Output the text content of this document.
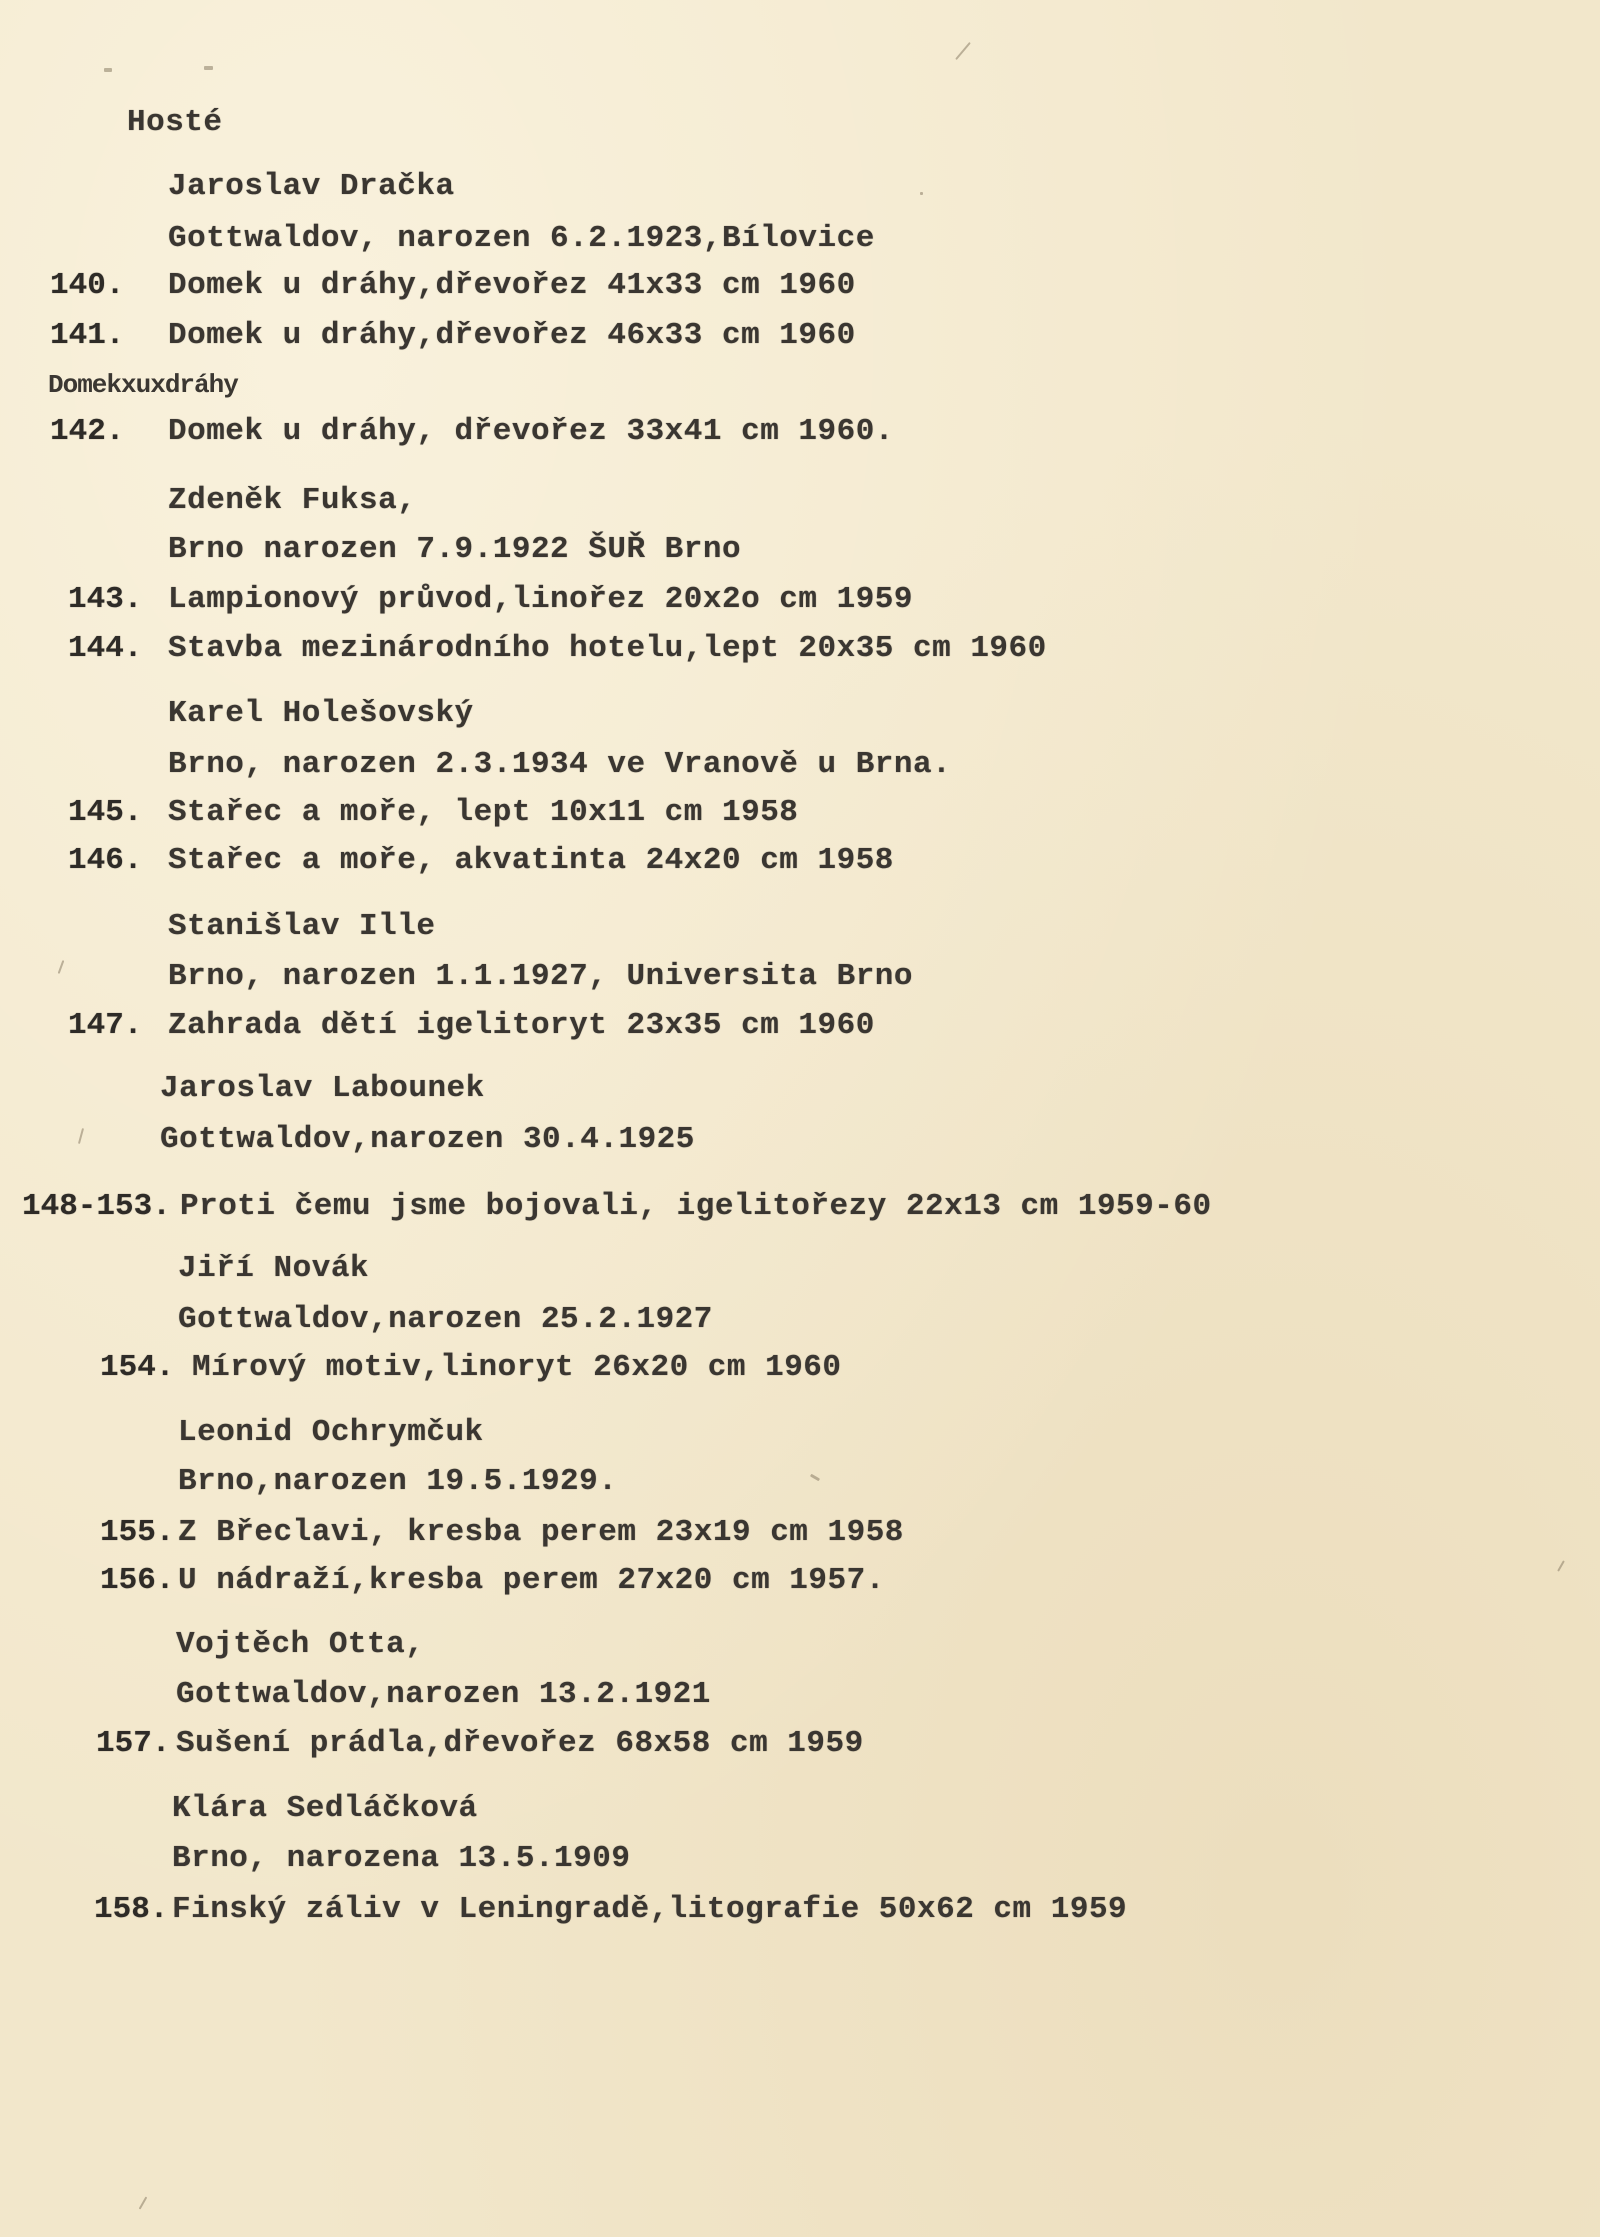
Hosté
Jaroslav Dračka
Gottwaldov, narozen 6.2.1923,Bílovice
140. Domek u dráhy,dřevořez 41x33 cm 1960
141. Domek u dráhy,dřevořez 46x33 cm 1960
Domekxuxdráhy
142. Domek u dráhy, dřevořez 33x41 cm 1960.
Zdeněk Fuksa,
Brno narozen 7.9.1922 ŠUŘ Brno
143. Lampionový průvod,linořez 20x2o cm 1959
144. Stavba mezinárodního hotelu,lept 20x35 cm 1960
Karel Holešovský
Brno, narozen 2.3.1934 ve Vranově u Brna.
145. Stařec a moře, lept 10x11 cm 1958
146. Stařec a moře, akvatinta 24x20 cm 1958
Stanišlav Ille
Brno, narozen 1.1.1927, Universita Brno
147. Zahrada dětí igelitoryt 23x35 cm 1960
Jaroslav Labounek
Gottwaldov,narozen 30.4.1925
148-153. Proti čemu jsme bojovali, igelitořezy 22x13 cm 1959-60
Jiří Novák
Gottwaldov,narozen 25.2.1927
154. Mírový motiv,linoryt 26x20 cm 1960
Leonid Ochrymčuk
Brno,narozen 19.5.1929.
155. Z Břeclavi, kresba perem 23x19 cm 1958
156. U nádraží,kresba perem 27x20 cm 1957.
Vojtěch Otta,
Gottwaldov,narozen 13.2.1921
157. Sušení prádla,dřevořez 68x58 cm 1959
Klára Sedláčková
Brno, narozena 13.5.1909
158. Finský záliv v Leningradě,litografie 50x62 cm 1959
